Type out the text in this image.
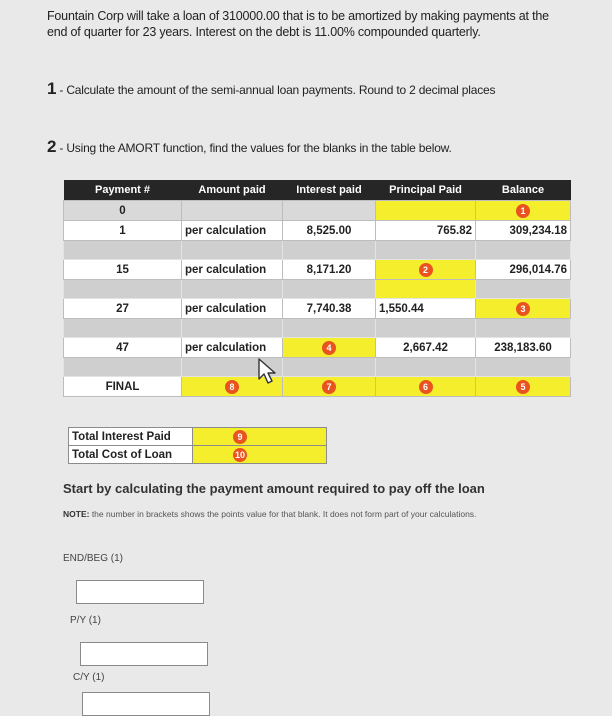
Fountain Corp will take a loan of 310000.00 that is to be amortized by making payments at the end of quarter for 23 years. Interest on the debt is 11.00% compounded quarterly.
1 - Calculate the amount of the semi-annual loan payments. Round to 2 decimal places
2 - Using the AMORT function, find the values for the blanks in the table below.
Payment #	Amount paid	Interest paid	Principal Paid	Balance
0				1
1	per calculation	8,525.00	765.82	309,234.18

15	per calculation	8,171.20	2	296,014.76

27	per calculation	7,740.38	1,550.44	3

47	per calculation	4	2,667.42	238,183.60

FINAL	8	7	6	5
Total Interest Paid	9
Total Cost of Loan	10
Start by calculating the payment amount required to pay off the loan
NOTE: the number in brackets shows the points value for that blank. It does not form part of your calculations.
END/BEG (1)
P/Y (1)
C/Y (1)
